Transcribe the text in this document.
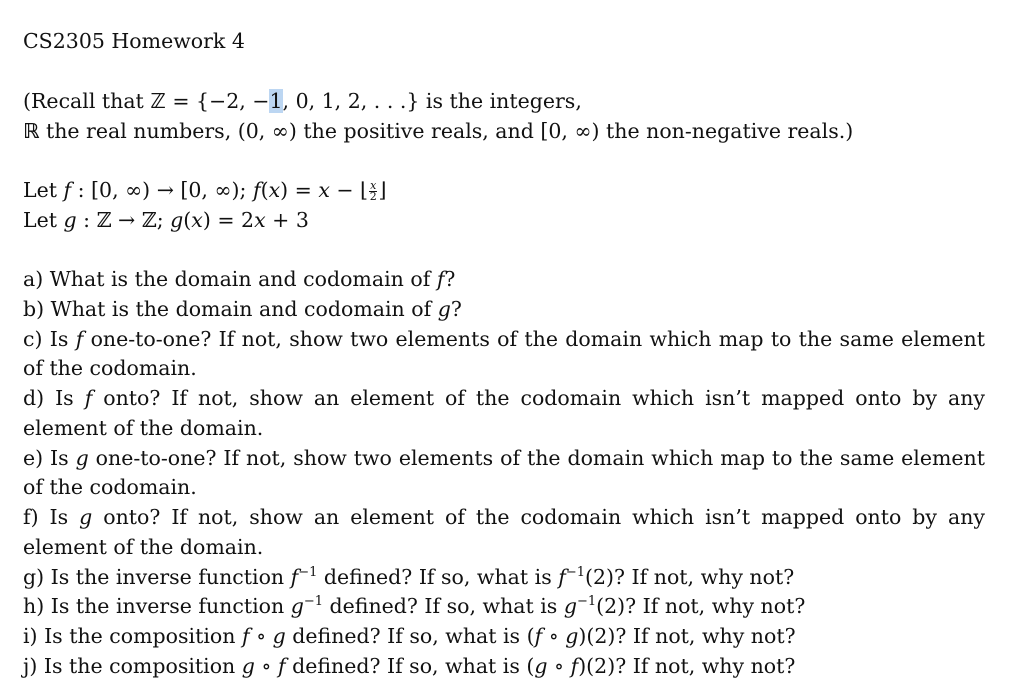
CS2305 Homework 4
(Recall that ℤ = {−2, −1, 0, 1, 2, . . .} is the integers,
ℝ the real numbers, (0, ∞) the positive reals, and [0, ∞) the non-negative reals.)
Let f : [0, ∞) → [0, ∞); f(x) = x − ⌊ $\frac{x}{2}$ ⌋
Let g : ℤ → ℤ; g(x) = 2x + 3
a) What is the domain and codomain of f?
b) What is the domain and codomain of g?
c) Is f one-to-one? If not, show two elements of the domain which map to the same element
of the codomain.
d) Is f onto? If not, show an element of the codomain which isn’t mapped onto by any
element of the domain.
e) Is g one-to-one? If not, show two elements of the domain which map to the same element
of the codomain.
f) Is g onto? If not, show an element of the codomain which isn’t mapped onto by any
element of the domain.
g) Is the inverse function $f^{-1}$ defined? If so, what is $f^{-1}(2)$? If not, why not?
h) Is the inverse function $g^{-1}$ defined? If so, what is $g^{-1}(2)$? If not, why not?
i) Is the composition f ∘ g defined? If so, what is (f ∘ g)(2)? If not, why not?
j) Is the composition g ∘ f defined? If so, what is (g ∘ f)(2)? If not, why not?
